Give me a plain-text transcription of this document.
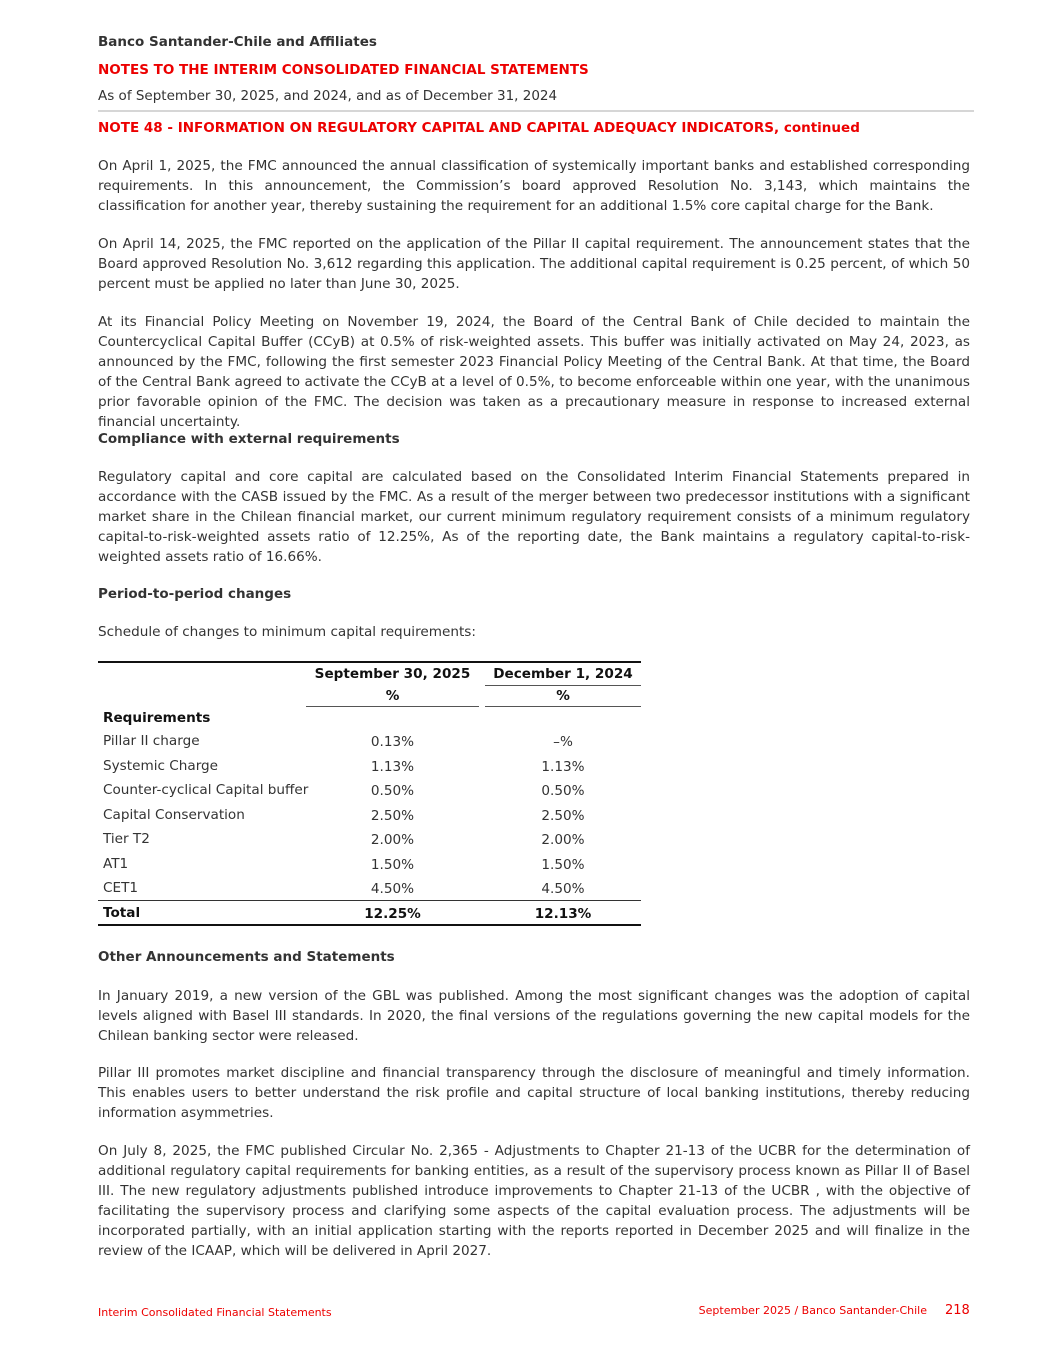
Banco Santander-Chile and Affiliates
NOTES TO THE INTERIM CONSOLIDATED FINANCIAL STATEMENTS
As of September 30, 2025, and 2024, and as of December 31, 2024
NOTE 48 - INFORMATION ON REGULATORY CAPITAL AND CAPITAL ADEQUACY INDICATORS, continued

On April 1, 2025, the FMC announced the annual classification of systemically important banks and established corresponding requirements. In this announcement, the Commission’s board approved Resolution No. 3,143, which maintains the classification for another year, thereby sustaining the requirement for an additional 1.5% core capital charge for the Bank.

On April 14, 2025, the FMC reported on the application of the Pillar II capital requirement. The announcement states that the Board approved Resolution No. 3,612 regarding this application. The additional capital requirement is 0.25 percent, of which 50 percent must be applied no later than June 30, 2025.

At its Financial Policy Meeting on November 19, 2024, the Board of the Central Bank of Chile decided to maintain the Countercyclical Capital Buffer (CCyB) at 0.5% of risk-weighted assets. This buffer was initially activated on May 24, 2023, as announced by the FMC, following the first semester 2023 Financial Policy Meeting of the Central Bank. At that time, the Board of the Central Bank agreed to activate the CCyB at a level of 0.5%, to become enforceable within one year, with the unanimous prior favorable opinion of the FMC. The decision was taken as a precautionary measure in response to increased external financial uncertainty.

Compliance with external requirements

Regulatory capital and core capital are calculated based on the Consolidated Interim Financial Statements prepared in accordance with the CASB issued by the FMC. As a result of the merger between two predecessor institutions with a significant market share in the Chilean financial market, our current minimum regulatory requirement consists of a minimum regulatory capital-to-risk-weighted assets ratio of 12.25%, As of the reporting date, the Bank maintains a regulatory capital-to-risk-weighted assets ratio of 16.66%.

Period-to-period changes

Schedule of changes to minimum capital requirements:

September 30, 2025	December 1, 2024
%	%
Requirements
Pillar II charge	0.13%	–%
Systemic Charge	1.13%	1.13%
Counter-cyclical Capital buffer	0.50%	0.50%
Capital Conservation	2.50%	2.50%
Tier T2	2.00%	2.00%
AT1	1.50%	1.50%
CET1	4.50%	4.50%
Total	12.25%	12.13%

Other Announcements and Statements

In January 2019, a new version of the GBL was published. Among the most significant changes was the adoption of capital levels aligned with Basel III standards. In 2020, the final versions of the regulations governing the new capital models for the Chilean banking sector were released.

Pillar III promotes market discipline and financial transparency through the disclosure of meaningful and timely information. This enables users to better understand the risk profile and capital structure of local banking institutions, thereby reducing information asymmetries.

On July 8, 2025, the FMC published Circular No. 2,365 - Adjustments to Chapter 21-13 of the UCBR for the determination of additional regulatory capital requirements for banking entities, as a result of the supervisory process known as Pillar II of Basel III. The new regulatory adjustments published introduce improvements to Chapter 21-13 of the UCBR , with the objective of facilitating the supervisory process and clarifying some aspects of the capital evaluation process. The adjustments will be incorporated partially, with an initial application starting with the reports reported in December 2025 and will finalize in the review of the ICAAP, which will be delivered in April 2027.

Interim Consolidated Financial Statements	September 2025 / Banco Santander-Chile 218
